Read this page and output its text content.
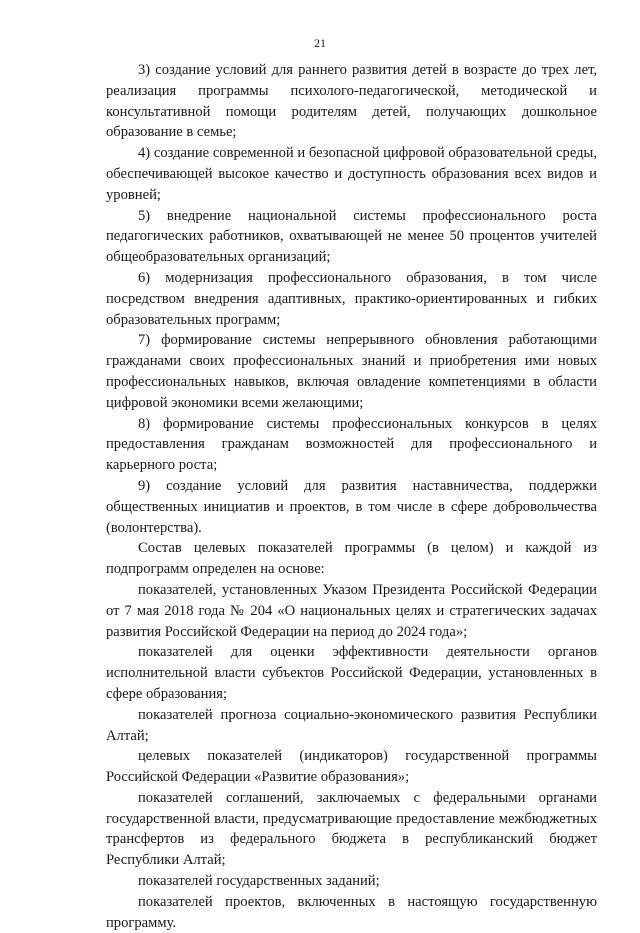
21

3) создание условий для раннего развития детей в возрасте до трех лет, реализация программы психолого-педагогической, методической и консультативной помощи родителям детей, получающих дошкольное образование в семье;

4) создание современной и безопасной цифровой образовательной среды, обеспечивающей высокое качество и доступность образования всех видов и уровней;

5) внедрение национальной системы профессионального роста педагогических работников, охватывающей не менее 50 процентов учителей общеобразовательных организаций;

6) модернизация профессионального образования, в том числе посредством внедрения адаптивных, практико-ориентированных и гибких образовательных программ;

7) формирование системы непрерывного обновления работающими гражданами своих профессиональных знаний и приобретения ими новых профессиональных навыков, включая овладение компетенциями в области цифровой экономики всеми желающими;

8) формирование системы профессиональных конкурсов в целях предоставления гражданам возможностей для профессионального и карьерного роста;

9) создание условий для развития наставничества, поддержки общественных инициатив и проектов, в том числе в сфере добровольчества (волонтерства).

Состав целевых показателей программы (в целом) и каждой из подпрограмм определен на основе:

показателей, установленных Указом Президента Российской Федерации от 7 мая 2018 года № 204 «О национальных целях и стратегических задачах развития Российской Федерации на период до 2024 года»;

показателей для оценки эффективности деятельности органов исполнительной власти субъектов Российской Федерации, установленных в сфере образования;

показателей прогноза социально-экономического развития Республики Алтай;

целевых показателей (индикаторов) государственной программы Российской Федерации «Развитие образования»;

показателей соглашений, заключаемых с федеральными органами государственной власти, предусматривающие предоставление межбюджетных трансфертов из федерального бюджета в республиканский бюджет Республики Алтай;

показателей государственных заданий;

показателей проектов, включенных в настоящую государственную программу.
